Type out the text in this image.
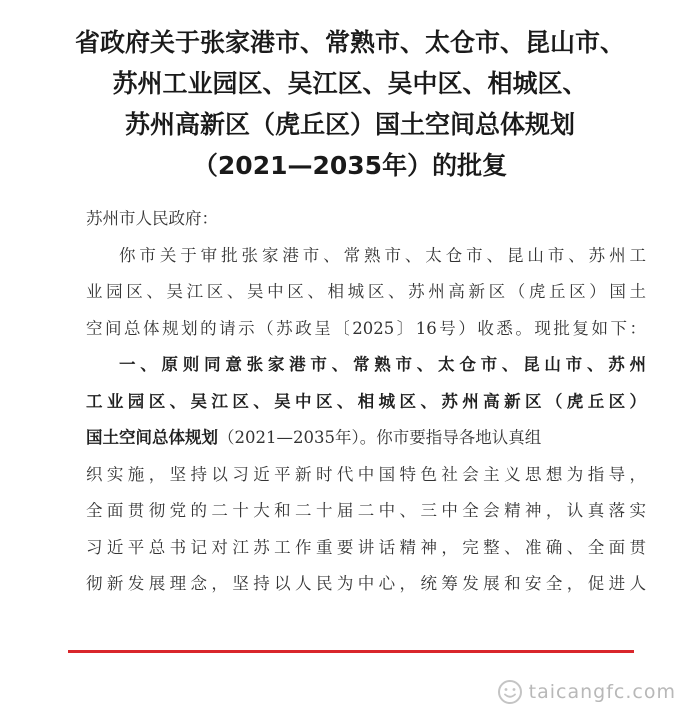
省政府关于张家港市、常熟市、太仓市、昆山市、
苏州工业园区、吴江区、吴中区、相城区、
苏州高新区（虎丘区）国土空间总体规划
（2021—2035年）的批复
苏州市人民政府：
你市关于审批张家港市、常熟市、太仓市、昆山市、苏州工
业园区、吴江区、吴中区、相城区、苏州高新区（虎丘区）国土
空间总体规划的请示（苏政呈〔2025〕16号）收悉。现批复如下：
一、原则同意张家港市、常熟市、太仓市、昆山市、苏州
工业园区、吴江区、吴中区、相城区、苏州高新区（虎丘区）
国土空间总体规划（2021—2035年）。你市要指导各地认真组
织实施，坚持以习近平新时代中国特色社会主义思想为指导，
全面贯彻党的二十大和二十届二中、三中全会精神，认真落实
习近平总书记对江苏工作重要讲话精神，完整、准确、全面贯
彻新发展理念，坚持以人民为中心，统筹发展和安全，促进人
taicangfc.com
